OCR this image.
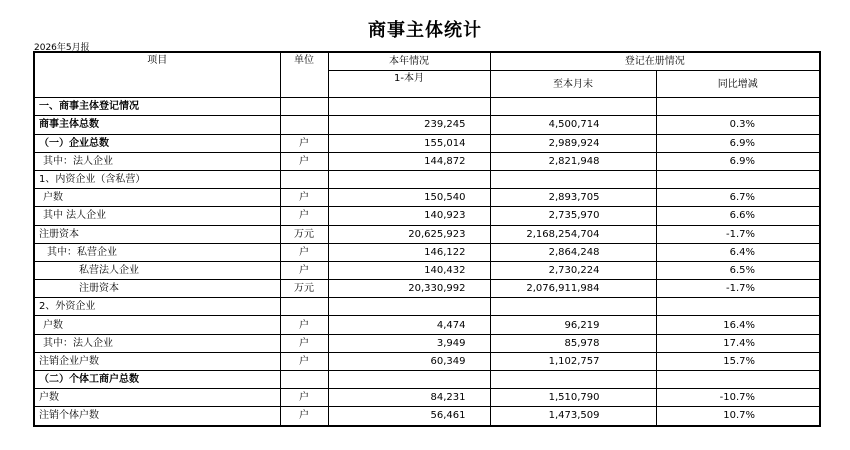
商事主体统计
2026年5月报
项目	单位	本年情况	登记在册情况	
		1-本月	至本月末	同比增减
一、商事主体登记情况				
商事主体总数		239,245	4,500,714	0.3%
（一）企业总数	户	155,014	2,989,924	6.9%
其中：法人企业	户	144,872	2,821,948	6.9%
1、内资企业（含私营）				
户数	户	150,540	2,893,705	6.7%
其中 法人企业	户	140,923	2,735,970	6.6%
注册资本	万元	20,625,923	2,168,254,704	-1.7%
其中：私营企业	户	146,122	2,864,248	6.4%
私营法人企业	户	140,432	2,730,224	6.5%
注册资本	万元	20,330,992	2,076,911,984	-1.7%
2、外资企业				
户数	户	4,474	96,219	16.4%
其中：法人企业	户	3,949	85,978	17.4%
注销企业户数	户	60,349	1,102,757	15.7%
（二）个体工商户总数				
户数	户	84,231	1,510,790	-10.7%
注销个体户数	户	56,461	1,473,509	10.7%
